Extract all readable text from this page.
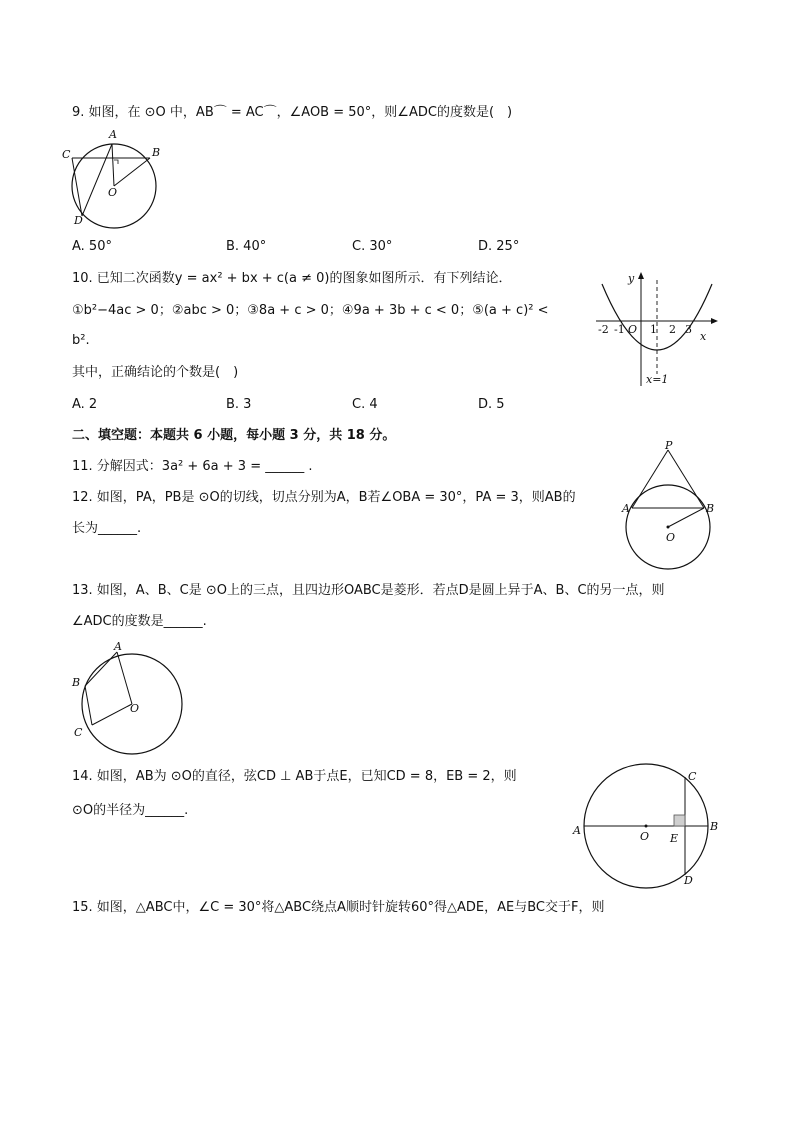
9. 如图，在 ⊙O 中，AB⌒ = AC⌒，∠AOB = 50°，则∠ADC的度数是(　)
A
B
C
D
O
A. 50°	B. 40°	C. 30°	D. 25°
10. 已知二次函数y = ax² + bx + c(a ≠ 0)的图象如图所示．有下列结论．
①b²−4ac > 0；②abc > 0；③8a + c > 0；④9a + 3b + c < 0；⑤(a + c)² <
b².
其中，正确结论的个数是(　)
A. 2	B. 3	C. 4	D. 5
y
x
-2 -1 O 1 2 3
x=1
二、填空题：本题共 6 小题，每小题 3 分，共 18 分。
11. 分解因式：3a² + 6a + 3 = ______ .
12. 如图，PA，PB是 ⊙O的切线，切点分别为A，B若∠OBA = 30°，PA = 3，则AB的
长为______.
P
A	B
O
13. 如图，A、B、C是 ⊙O上的三点，且四边形OABC是菱形．若点D是圆上异于A、B、C的另一点，则
∠ADC的度数是______.
A
B
C
O
14. 如图，AB为 ⊙O的直径，弦CD ⊥ AB于点E，已知CD = 8，EB = 2，则
⊙O的半径为______.
A	B
C
D
E
O
15. 如图，△ABC中，∠C = 30°将△ABC绕点A顺时针旋转60°得△ADE，AE与BC交于F，则
